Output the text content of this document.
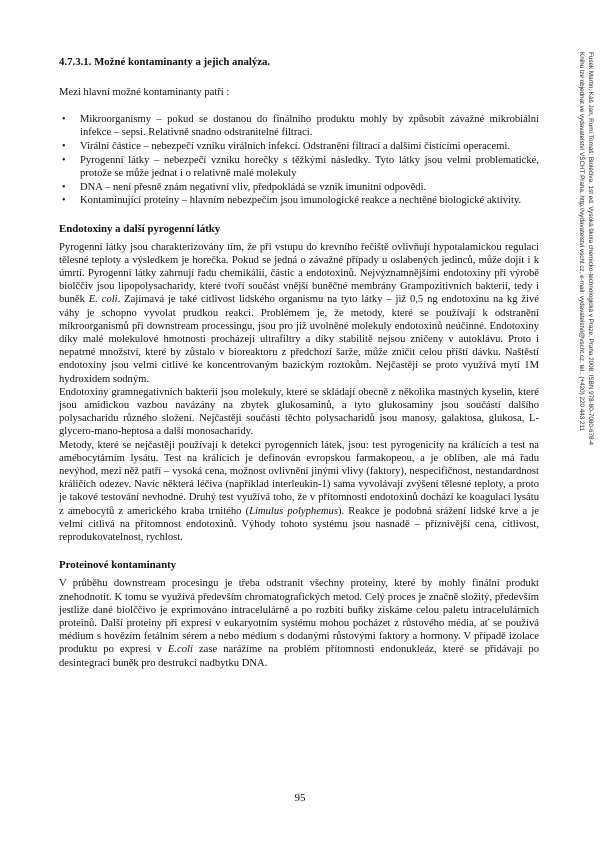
4.7.3.1. Možné kontaminanty a jejich analýza.

Mezi hlavní možné kontaminanty patří :

• Mikroorganismy – pokud se dostanou do finálního produktu mohly by způsobit závažné mikrobiální infekce – sepsi. Relativně snadno odstranitelné filtrací.
• Virální částice – nebezpečí vzniku virálních infekcí. Odstranění filtrací a dalšími čistícími operacemi.
• Pyrogenní látky – nebezpečí vzniku horečky s těžkými následky. Tyto látky jsou velmi problematické, protože se může jednat i o relativně malé molekuly
• DNA – není přesně znám negativní vliv, předpokládá se vznik imunitní odpovědi.
• Kontaminující proteiny – hlavním nebezpečím jsou imunologické reakce a nechtěné biologické aktivity.
Endotoxiny a další pyrogenní látky

Pyrogenní látky jsou charakterizovány tím, že při vstupu do krevního řečiště ovlivňují hypotalamickou regulaci tělesné teploty a výsledkem je horečka. Pokud se jedná o závažné případy u oslabených jedinců, může dojít i k úmrtí. Pyrogenní látky zahrnují řadu chemikálií, částic a endotoxinů. Nejvýznamnějšími endotoxiny při výrobě biolččiv jsou lipopolysacharidy, které tvoří součást vnější buněčné membrány Grampozitivních bakterií, tedy i buněk E. coli. Zajímavá je také citlivost lidského organismu na tyto látky – již 0,5 ng endotoxinu na kg živé váhy je schopno vyvolat prudkou reakci. Problémem je, že metody, které se používají k odstranění mikroorganismů při downstream processingu, jsou pro již uvolněné molekuly endotoxinů neúčinné. Endotoxiny díky malé molekulové hmotnosti procházejí ultrafiltry a díky stabilitě nejsou zničeny v autoklávu. Proto i nepatrné množství, které by zůstalo v bioreaktoru z předchozí šarže, může zničit celou příští dávku. Naštěstí endotoxiny jsou velmi citlivé ke koncentrovaným bazickým roztokům. Nejčastěji se proto využívá mytí 1M hydroxidem sodným.

Endotoxiny gramnegativních bakterií jsou molekuly, které se skládají obecně z několika mastných kyselin, které jsou amidickou vazbou navázány na zbytek glukosaminů, a tyto glukosaminy jsou součástí dalšího polysacharidu různého složení. Nejčastěji součástí těchto polysacharidů jsou manosy, galaktosa, glukosa, L-glycero-mano-heptosa a další monosacharidy.

Metody, které se nejčastěji používají k detekci pyrogenních látek, jsou: test pyrogenicity na králících a test na amébocytárním lysátu. Test na králících je definován evropskou farmakopeou, a je oblíben, ale má řadu nevýhod, mezi něž patří – vysoká cena, možnost ovlivnění jinými vlivy (faktory), nespecifičnost, nestandardnost králičích odezev. Navíc některá léčiva (například interleukin-1) sama vyvolávají zvýšení tělesné teploty, a proto je takové testování nevhodné. Druhý test využívá toho, že v přítomnosti endotoxinů dochází ke koagulaci lysátu z amebocytů z amerického kraba trnitého (Limulus polyphemus). Reakce je podobná srážení lidské krve a je velmi citlivá na přítomnost endotoxinů. Výhody tohoto systému jsou nasnadě – příznivější cena, citlivost, reprodukovatelnost, rychlost.

Proteinové kontaminanty

V průběhu downstream procesingu je třeba odstranit všechny proteiny, které by mohly finální produkt znehodnotit. K tomu se využívá především chromatografických metod. Celý proces je značně složitý, především jestliže dané biolččivo je exprimováno intracelulárně a po rozbití buňky získáme celou paletu intracelulárních proteinů. Další proteiny při expresi v eukaryotním systému mohou pocházet z růstového média, ať se používá médium s hovězím fetálním sérem a nebo médium s dodanými růstovými faktory a hormony. V případě izolace produktu po expresi v E.coli zase narážíme na problém přítomnosti endonukleáz, které se přidávají po desintegraci buněk pro destrukci nadbytku DNA.

95
Fusek Martin, Káš Jan, Rumí Tomáš: Bioléčiva. 1st ed. Vysoká škola chemicko-technologická v Praze, Praha 2008. ISBN 978-80-7080-678-4
Knihu lze objednat ve vydavatelství VŠCHT Praha, http://vydavatelstvi.vscht.cz, e-mail: vydavatelstvi@vscht.cz, tel.: (+420) 220 443 211
